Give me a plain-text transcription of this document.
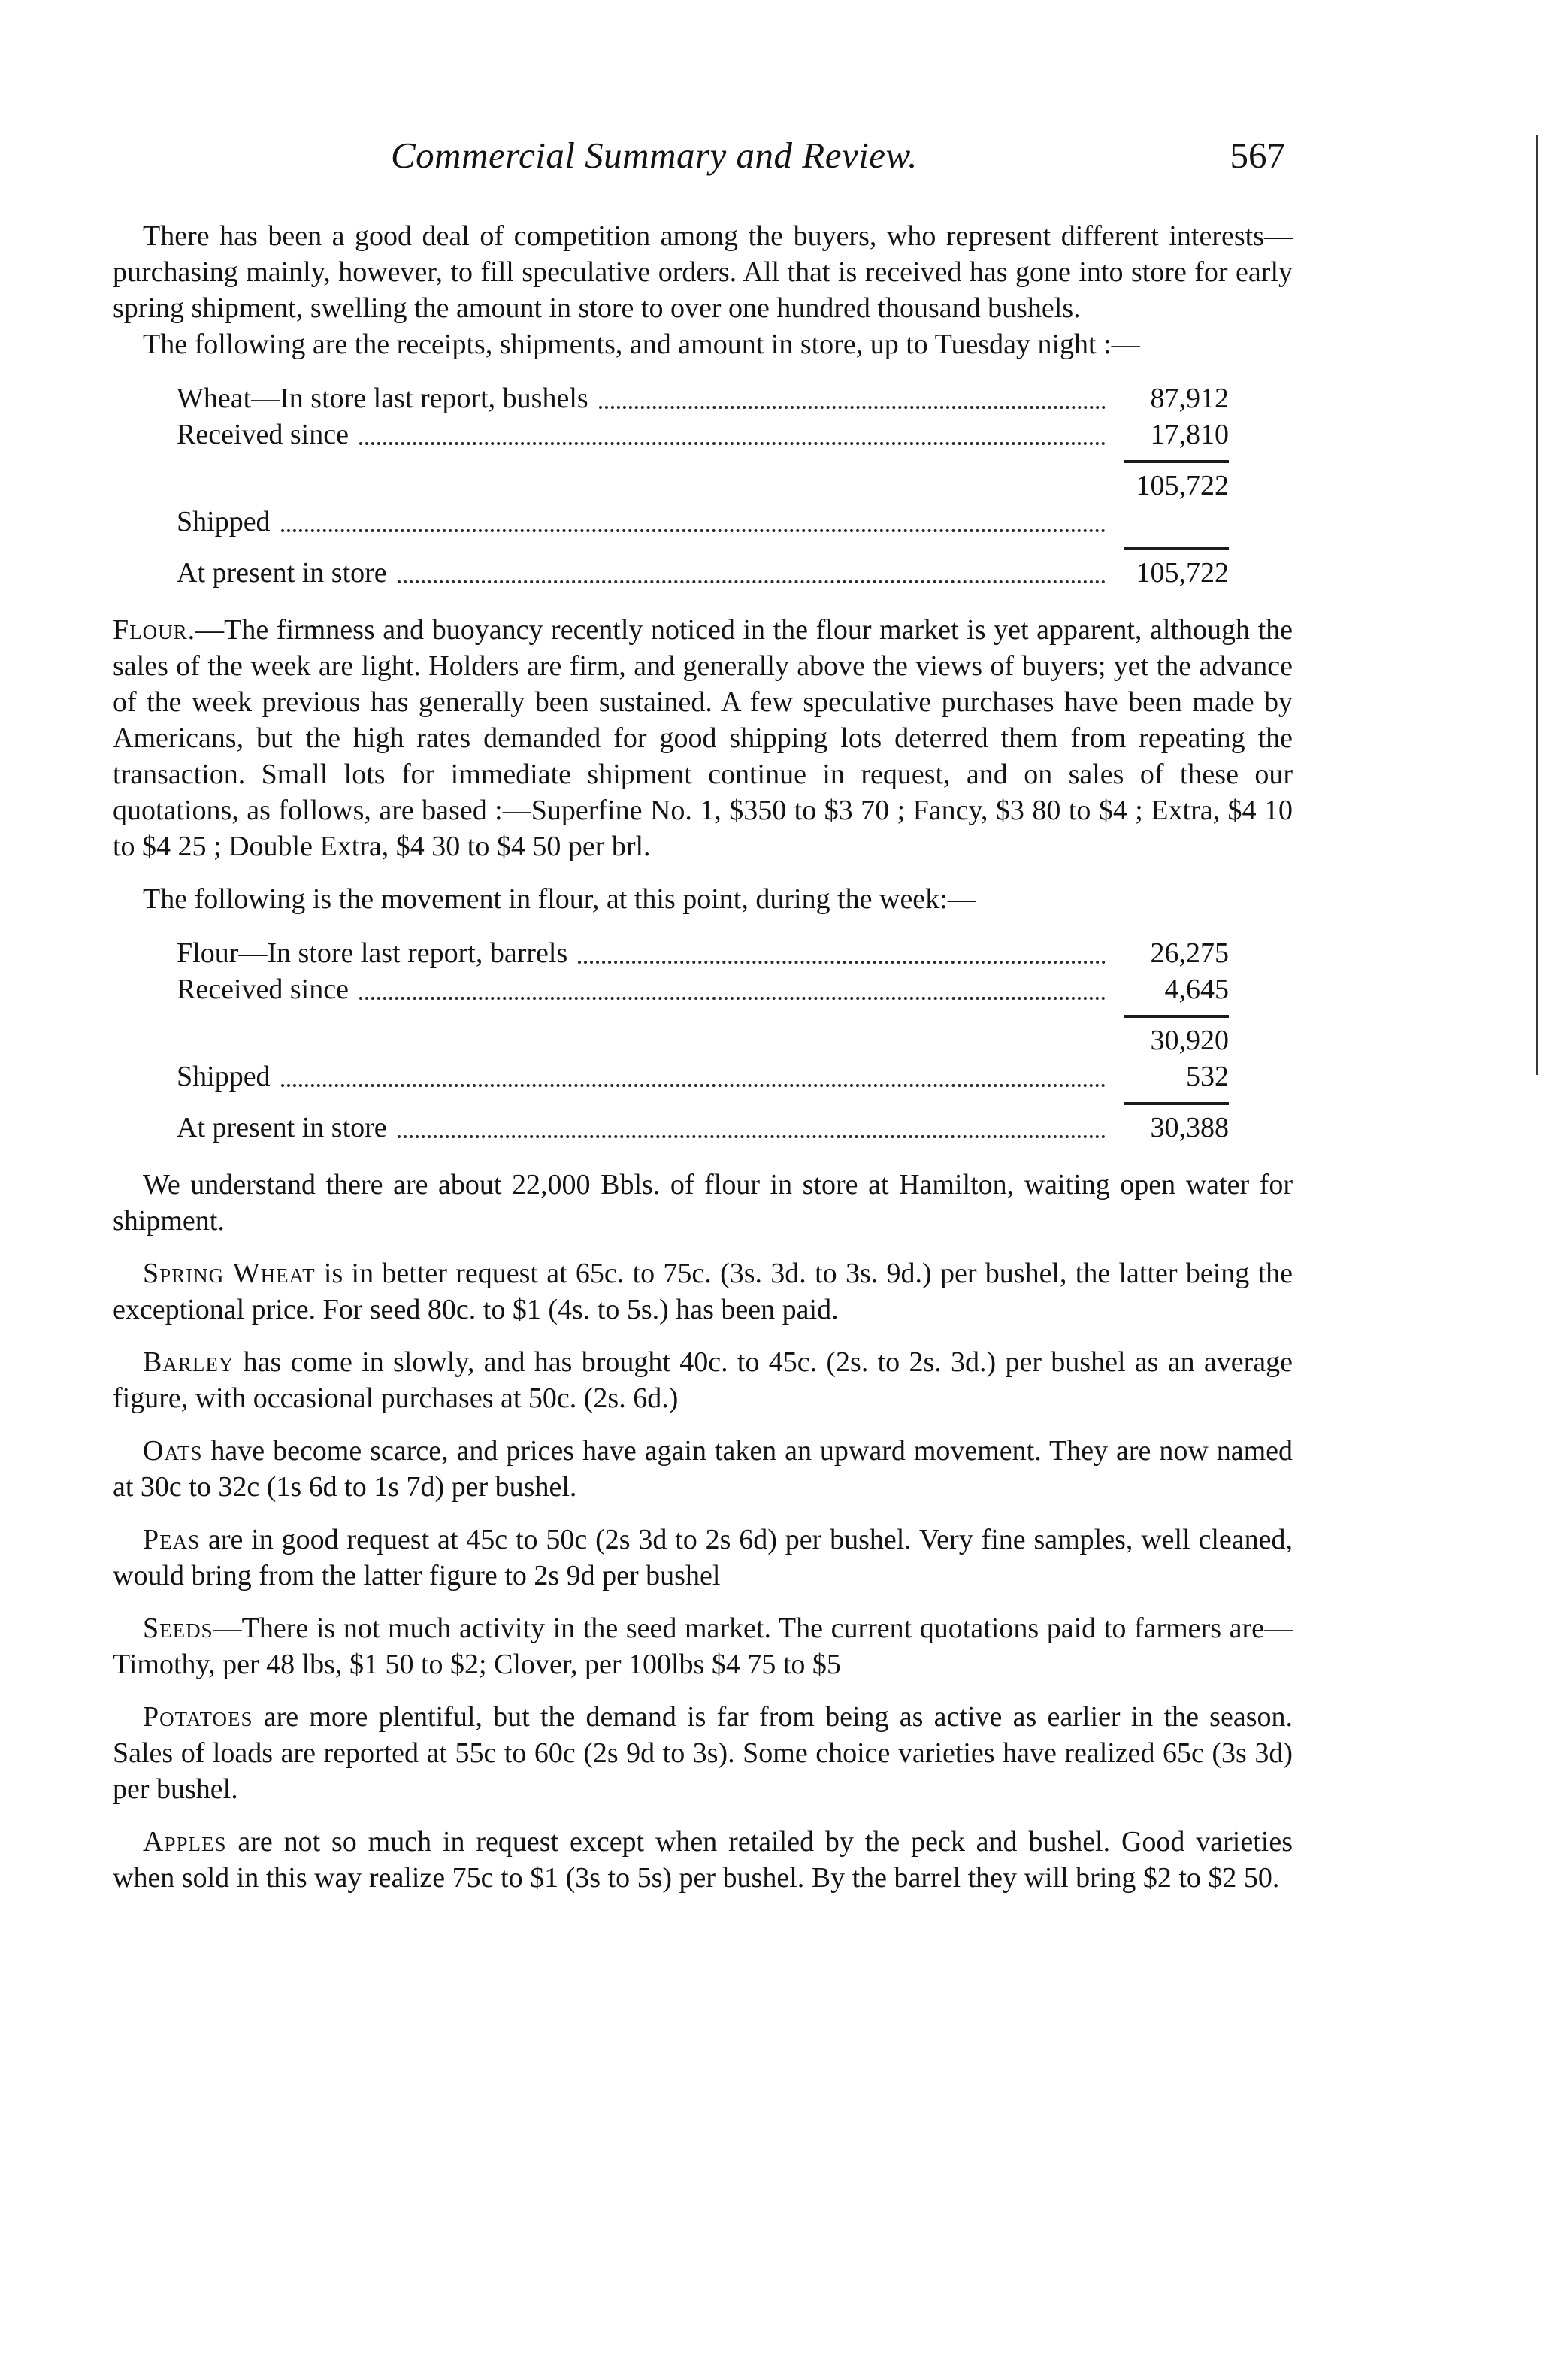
Commercial Summary and Review.	567

There has been a good deal of competition among the buyers, who represent different interests—purchasing mainly, however, to fill speculative orders. All that is received has gone into store for early spring shipment, swelling the amount in store to over one hundred thousand bushels.

The following are the receipts, shipments, and amount in store, up to Tuesday night :—

Wheat—In store last report, bushels	87,912
Received since	17,810
105,722
Shipped
At present in store	105,722

Flour.—The firmness and buoyancy recently noticed in the flour market is yet apparent, although the sales of the week are light. Holders are firm, and generally above the views of buyers; yet the advance of the week previous has generally been sustained. A few speculative purchases have been made by Americans, but the high rates demanded for good shipping lots deterred them from repeating the transaction. Small lots for immediate shipment continue in request, and on sales of these our quotations, as follows, are based :—Superfine No. 1, $350 to $3 70 ; Fancy, $3 80 to $4 ; Extra, $4 10 to $4 25 ; Double Extra, $4 30 to $4 50 per brl.

The following is the movement in flour, at this point, during the week:—

Flour—In store last report, barrels	26,275
Received since	4,645
30,920
Shipped	532
At present in store	30,388

We understand there are about 22,000 Bbls. of flour in store at Hamilton, waiting open water for shipment.

Spring Wheat is in better request at 65c. to 75c. (3s. 3d. to 3s. 9d.) per bushel, the latter being the exceptional price. For seed 80c. to $1 (4s. to 5s.) has been paid.

Barley has come in slowly, and has brought 40c. to 45c. (2s. to 2s. 3d.) per bushel as an average figure, with occasional purchases at 50c. (2s. 6d.)

Oats have become scarce, and prices have again taken an upward movement. They are now named at 30c to 32c (1s 6d to 1s 7d) per bushel.

Peas are in good request at 45c to 50c (2s 3d to 2s 6d) per bushel. Very fine samples, well cleaned, would bring from the latter figure to 2s 9d per bushel

Seeds—There is not much activity in the seed market. The current quotations paid to farmers are—Timothy, per 48 lbs, $1 50 to $2; Clover, per 100lbs $4 75 to $5

Potatoes are more plentiful, but the demand is far from being as active as earlier in the season. Sales of loads are reported at 55c to 60c (2s 9d to 3s). Some choice varieties have realized 65c (3s 3d) per bushel.

Apples are not so much in request except when retailed by the peck and bushel. Good varieties when sold in this way realize 75c to $1 (3s to 5s) per bushel. By the barrel they will bring $2 to $2 50.
